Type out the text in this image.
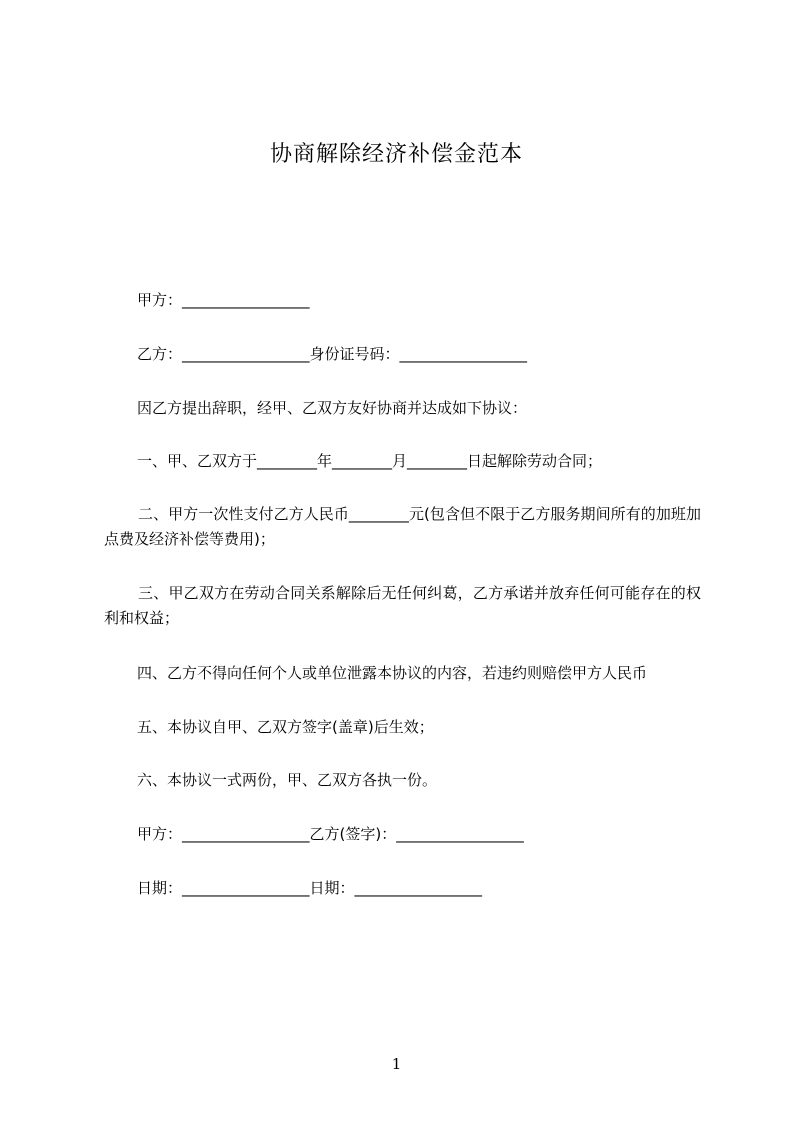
协商解除经济补偿金范本
甲方：_________________
乙方：_________________身份证号码：_________________
因乙方提出辞职，经甲、乙双方友好协商并达成如下协议：
一、甲、乙双方于________年________月________日起解除劳动合同；
二、甲方一次性支付乙方人民币________元(包含但不限于乙方服务期间所有的加班加点费及经济补偿等费用)；
三、甲乙双方在劳动合同关系解除后无任何纠葛，乙方承诺并放弃任何可能存在的权利和权益；
四、乙方不得向任何个人或单位泄露本协议的内容，若违约则赔偿甲方人民币
五、本协议自甲、乙双方签字(盖章)后生效；
六、本协议一式两份，甲、乙双方各执一份。
甲方：_________________乙方(签字)：_________________
日期：_________________日期：_________________
1
